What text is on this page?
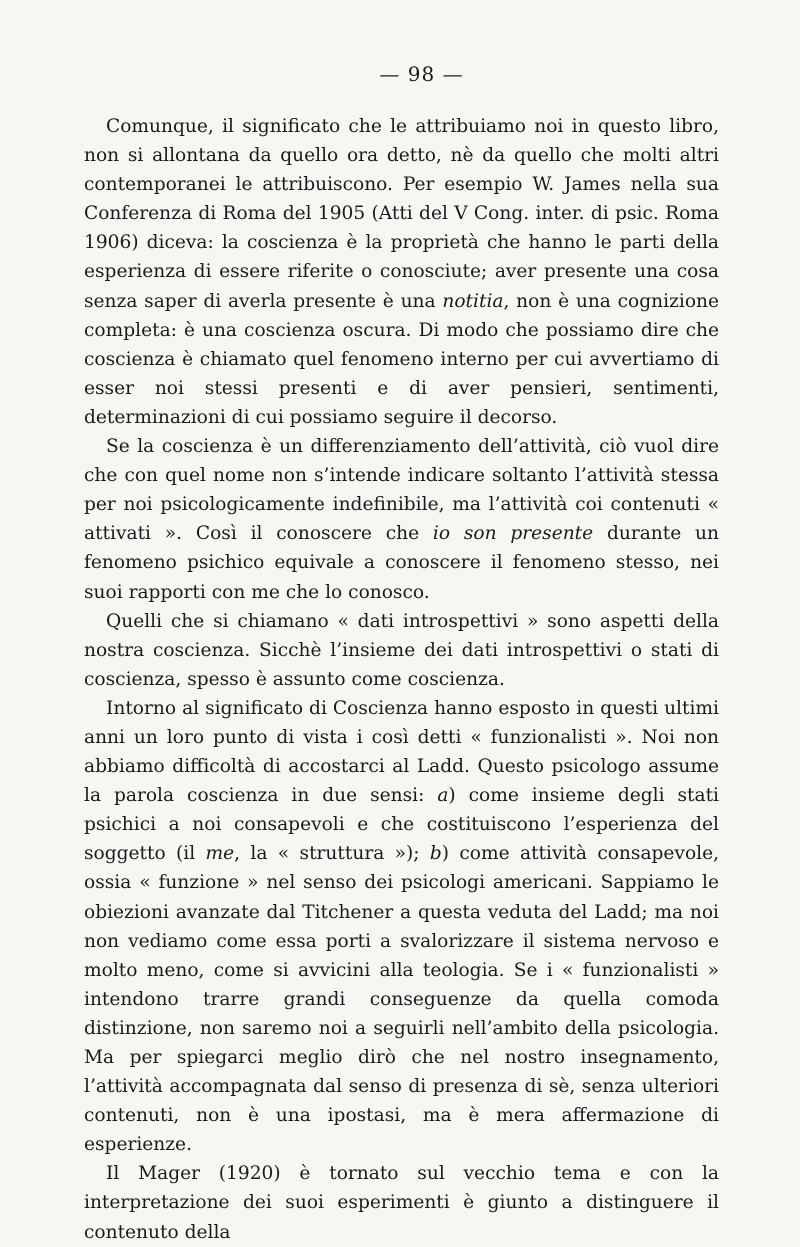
— 98 —

Comunque, il significato che le attribuiamo noi in questo libro, non si allontana da quello ora detto, nè da quello che molti altri contemporanei le attribuiscono. Per esempio W. James nella sua Conferenza di Roma del 1905 (Atti del V Cong. inter. di psic. Roma 1906) diceva: la coscienza è la proprietà che hanno le parti della esperienza di essere riferite o conosciute; aver presente una cosa senza saper di averla presente è una notitia, non è una cognizione completa: è una coscienza oscura. Di modo che possiamo dire che coscienza è chiamato quel fenomeno interno per cui avvertiamo di esser noi stessi presenti e di aver pensieri, sentimenti, determinazioni di cui possiamo seguire il decorso.

Se la coscienza è un differenziamento dell’attività, ciò vuol dire che con quel nome non s’intende indicare soltanto l’attività stessa per noi psicologicamente indefinibile, ma l’attività coi contenuti « attivati ». Così il conoscere che io son presente durante un fenomeno psichico equivale a conoscere il fenomeno stesso, nei suoi rapporti con me che lo conosco.

Quelli che si chiamano « dati introspettivi » sono aspetti della nostra coscienza. Sicchè l’insieme dei dati introspettivi o stati di coscienza, spesso è assunto come coscienza.

Intorno al significato di Coscienza hanno esposto in questi ultimi anni un loro punto di vista i così detti « funzionalisti ». Noi non abbiamo difficoltà di accostarci al Ladd. Questo psicologo assume la parola coscienza in due sensi: a) come insieme degli stati psichici a noi consapevoli e che costituiscono l’esperienza del soggetto (il me, la « struttura »); b) come attività consapevole, ossia « funzione » nel senso dei psicologi americani. Sappiamo le obiezioni avanzate dal Titchener a questa veduta del Ladd; ma noi non vediamo come essa porti a svalorizzare il sistema nervoso e molto meno, come si avvicini alla teologia. Se i « funzionalisti » intendono trarre grandi conseguenze da quella comoda distinzione, non saremo noi a seguirli nell’ambito della psicologia. Ma per spiegarci meglio dirò che nel nostro insegnamento, l’attività accompagnata dal senso di presenza di sè, senza ulteriori contenuti, non è una ipostasi, ma è mera affermazione di esperienze.

Il Mager (1920) è tornato sul vecchio tema e con la interpretazione dei suoi esperimenti è giunto a distinguere il contenuto della
